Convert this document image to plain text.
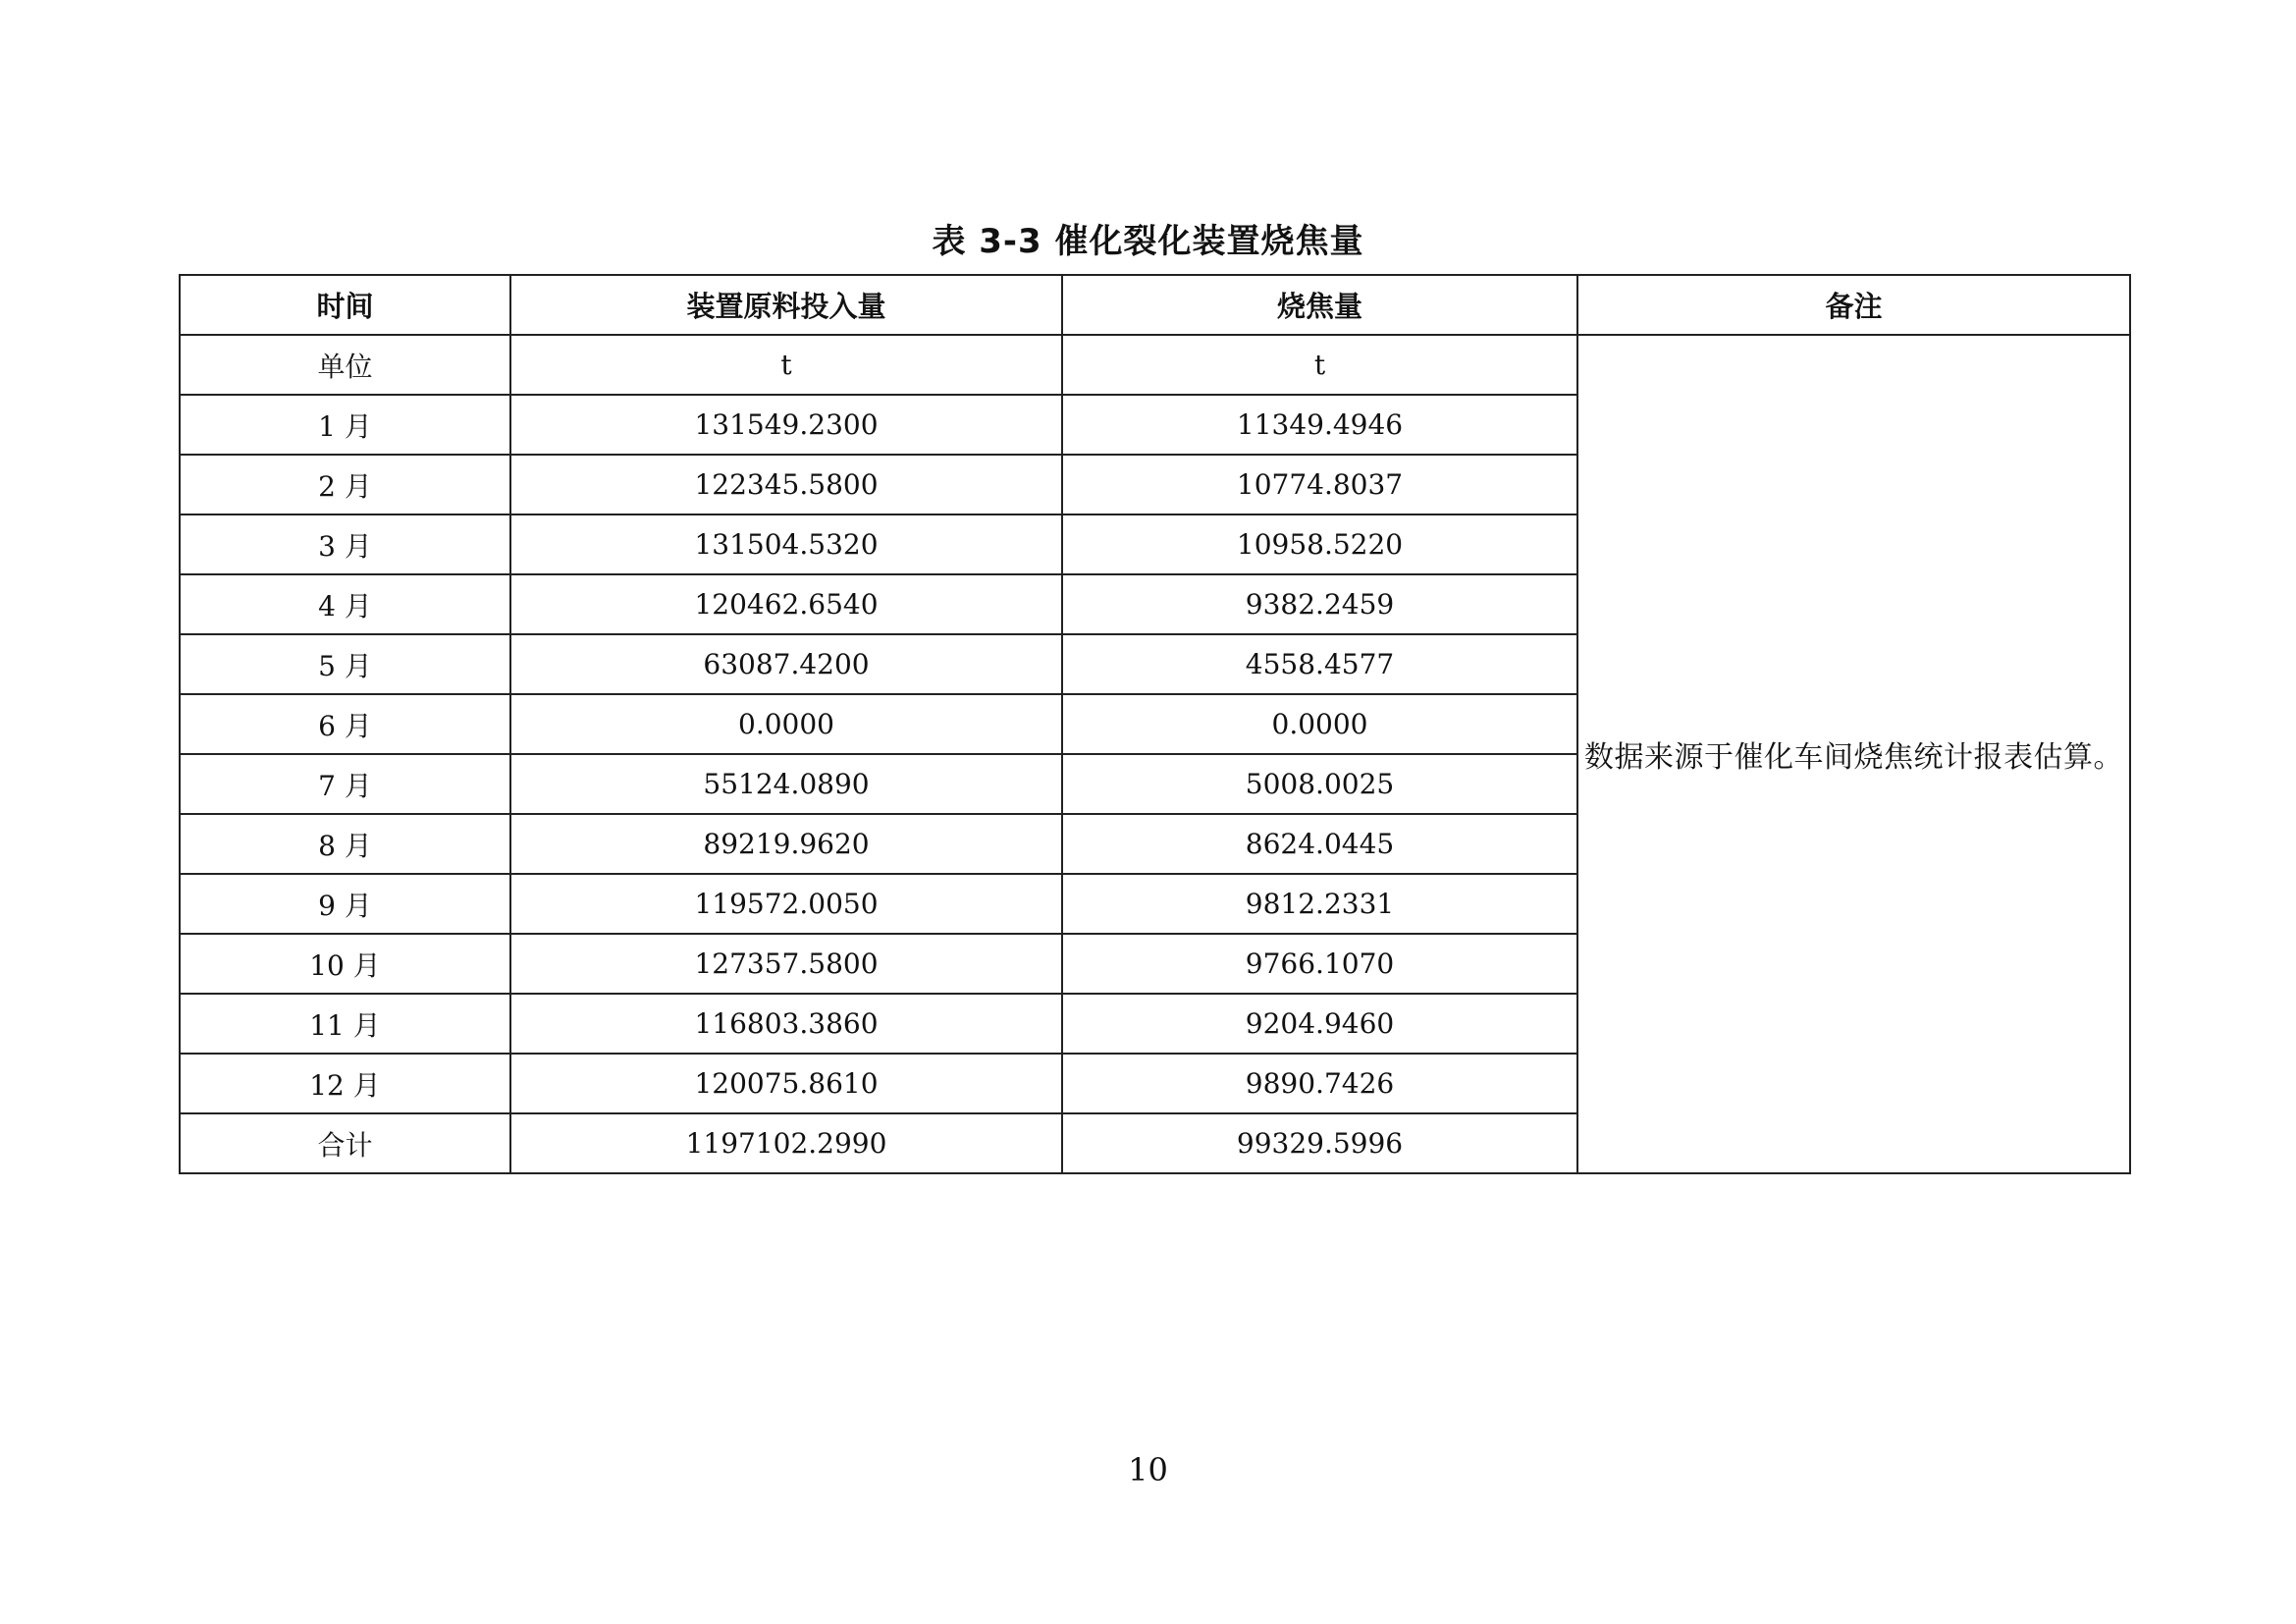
表 3-3 催化裂化装置烧焦量
时间	装置原料投入量	烧焦量	备注
单位	t	t	数据来源于催化车间烧焦统计报表估算。
1 月	131549.2300	11349.4946	
2 月	122345.5800	10774.8037	
3 月	131504.5320	10958.5220	
4 月	120462.6540	9382.2459	
5 月	63087.4200	4558.4577	
6 月	0.0000	0.0000	
7 月	55124.0890	5008.0025	
8 月	89219.9620	8624.0445	
9 月	119572.0050	9812.2331	
10 月	127357.5800	9766.1070	
11 月	116803.3860	9204.9460	
12 月	120075.8610	9890.7426	
合计	1197102.2990	99329.5996	
10
